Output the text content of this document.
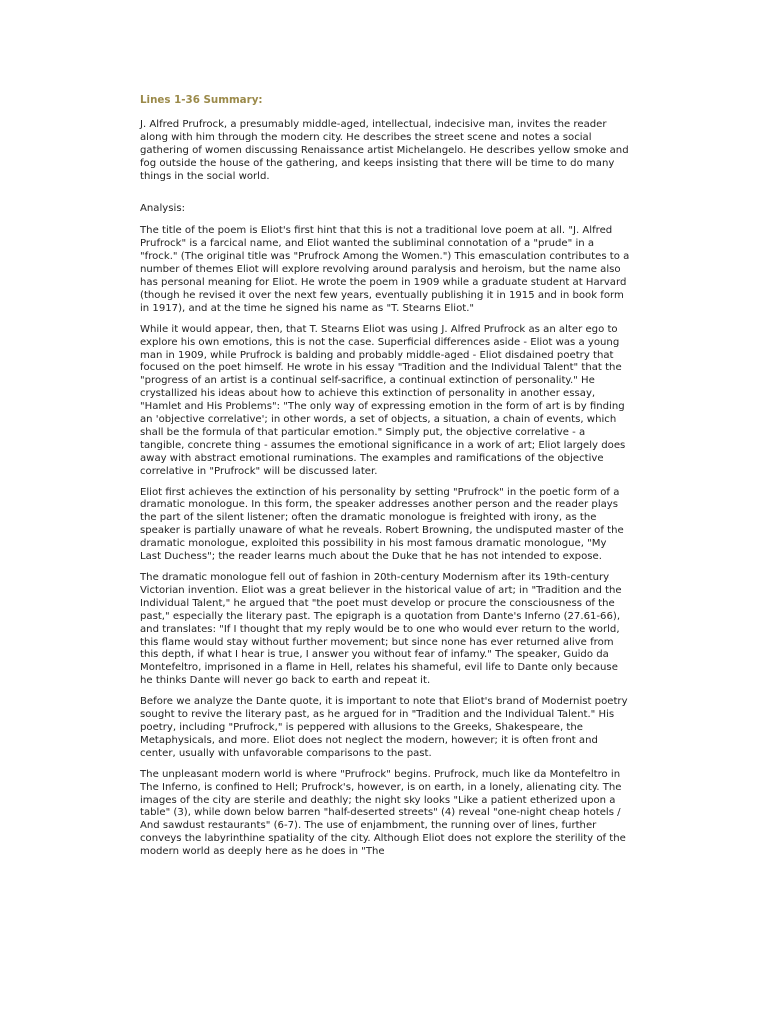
Lines 1-36 Summary:

J. Alfred Prufrock, a presumably middle-aged, intellectual, indecisive man, invites the reader along with him through the modern city. He describes the street scene and notes a social gathering of women discussing Renaissance artist Michelangelo. He describes yellow smoke and fog outside the house of the gathering, and keeps insisting that there will be time to do many things in the social world.

Analysis:

The title of the poem is Eliot's first hint that this is not a traditional love poem at all. "J. Alfred Prufrock" is a farcical name, and Eliot wanted the subliminal connotation of a "prude" in a "frock." (The original title was "Prufrock Among the Women.") This emasculation contributes to a number of themes Eliot will explore revolving around paralysis and heroism, but the name also has personal meaning for Eliot. He wrote the poem in 1909 while a graduate student at Harvard (though he revised it over the next few years, eventually publishing it in 1915 and in book form in 1917), and at the time he signed his name as "T. Stearns Eliot."

While it would appear, then, that T. Stearns Eliot was using J. Alfred Prufrock as an alter ego to explore his own emotions, this is not the case. Superficial differences aside - Eliot was a young man in 1909, while Prufrock is balding and probably middle-aged - Eliot disdained poetry that focused on the poet himself. He wrote in his essay "Tradition and the Individual Talent" that the "progress of an artist is a continual self-sacrifice, a continual extinction of personality." He crystallized his ideas about how to achieve this extinction of personality in another essay, "Hamlet and His Problems": "The only way of expressing emotion in the form of art is by finding an 'objective correlative'; in other words, a set of objects, a situation, a chain of events, which shall be the formula of that particular emotion." Simply put, the objective correlative - a tangible, concrete thing - assumes the emotional significance in a work of art; Eliot largely does away with abstract emotional ruminations. The examples and ramifications of the objective correlative in "Prufrock" will be discussed later.

Eliot first achieves the extinction of his personality by setting "Prufrock" in the poetic form of a dramatic monologue. In this form, the speaker addresses another person and the reader plays the part of the silent listener; often the dramatic monologue is freighted with irony, as the speaker is partially unaware of what he reveals. Robert Browning, the undisputed master of the dramatic monologue, exploited this possibility in his most famous dramatic monologue, "My Last Duchess"; the reader learns much about the Duke that he has not intended to expose.

The dramatic monologue fell out of fashion in 20th-century Modernism after its 19th-century Victorian invention. Eliot was a great believer in the historical value of art; in "Tradition and the Individual Talent," he argued that "the poet must develop or procure the consciousness of the past," especially the literary past. The epigraph is a quotation from Dante's Inferno (27.61-66), and translates: "If I thought that my reply would be to one who would ever return to the world, this flame would stay without further movement; but since none has ever returned alive from this depth, if what I hear is true, I answer you without fear of infamy." The speaker, Guido da Montefeltro, imprisoned in a flame in Hell, relates his shameful, evil life to Dante only because he thinks Dante will never go back to earth and repeat it.

Before we analyze the Dante quote, it is important to note that Eliot's brand of Modernist poetry sought to revive the literary past, as he argued for in "Tradition and the Individual Talent." His poetry, including "Prufrock," is peppered with allusions to the Greeks, Shakespeare, the Metaphysicals, and more. Eliot does not neglect the modern, however; it is often front and center, usually with unfavorable comparisons to the past.

The unpleasant modern world is where "Prufrock" begins. Prufrock, much like da Montefeltro in The Inferno, is confined to Hell; Prufrock's, however, is on earth, in a lonely, alienating city. The images of the city are sterile and deathly; the night sky looks "Like a patient etherized upon a table" (3), while down below barren "half-deserted streets" (4) reveal "one-night cheap hotels / And sawdust restaurants" (6-7). The use of enjambment, the running over of lines, further conveys the labyrinthine spatiality of the city. Although Eliot does not explore the sterility of the modern world as deeply here as he does in "The
